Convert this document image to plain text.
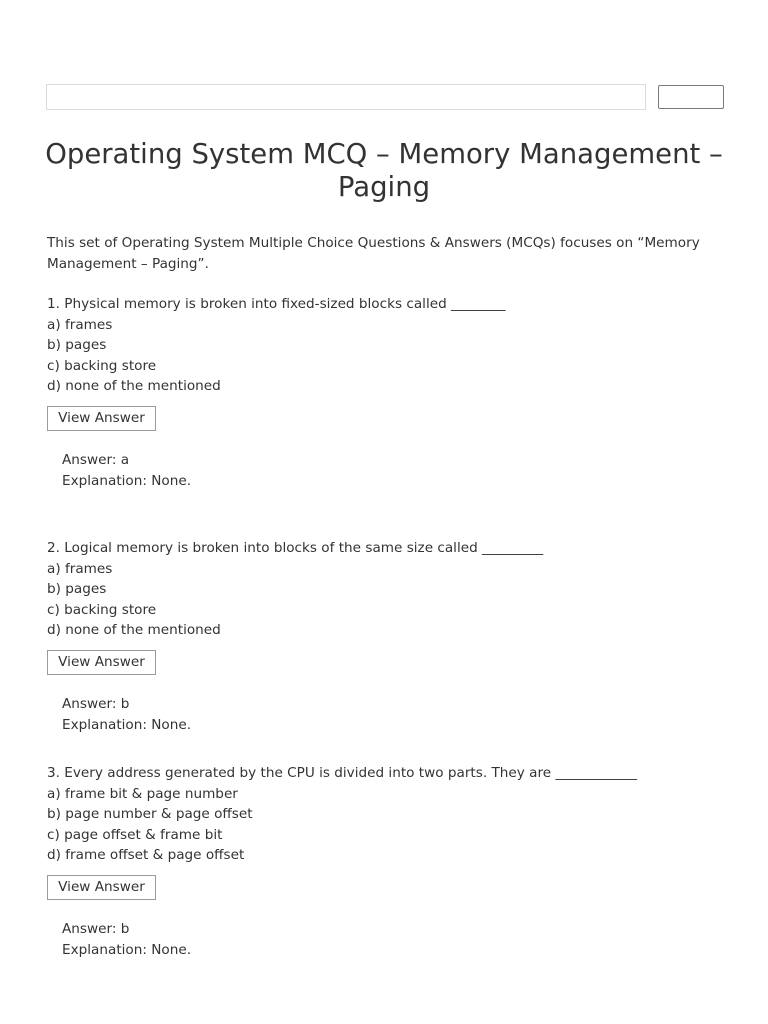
Operating System MCQ – Memory Management – Paging

This set of Operating System Multiple Choice Questions & Answers (MCQs) focuses on “Memory Management – Paging”.

1. Physical memory is broken into fixed-sized blocks called ________
a) frames
b) pages
c) backing store
d) none of the mentioned
View Answer
Answer: a
Explanation: None.
2. Logical memory is broken into blocks of the same size called _________
a) frames
b) pages
c) backing store
d) none of the mentioned
View Answer
Answer: b
Explanation: None.
3. Every address generated by the CPU is divided into two parts. They are ____________
a) frame bit & page number
b) page number & page offset
c) page offset & frame bit
d) frame offset & page offset
View Answer
Answer: b
Explanation: None.
